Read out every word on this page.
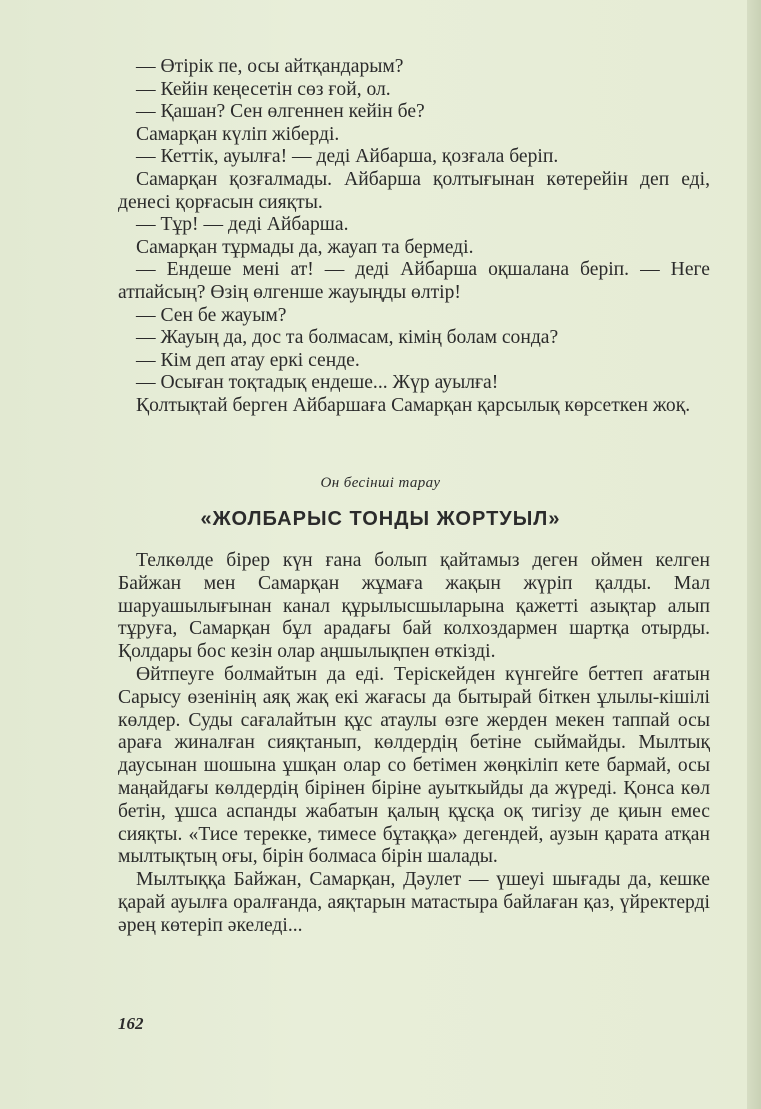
— Өтірік пе, осы айтқандарым?

— Кейін кеңесетін сөз ғой, ол.

— Қашан? Сен өлгеннен кейін бе?

Самарқан күліп жіберді.

— Кеттік, ауылға! — деді Айбарша, қозғала беріп.

Самарқан қозғалмады. Айбарша қолтығынан көтерейін деп еді, денесі қорғасын сияқты.

— Тұр! — деді Айбарша.

Самарқан тұрмады да, жауап та бермеді.

— Ендеше мені ат! — деді Айбарша оқшалана беріп. — Неге атпайсың? Өзің өлгенше жауыңды өлтір!

— Сен бе жауым?

— Жауың да, дос та болмасам, кімің болам сонда?

— Кім деп атау еркі сенде.

— Осыған тоқтадық ендеше... Жүр ауылға!

Қолтықтай берген Айбаршаға Самарқан қарсылық көрсеткен жоқ.

Он бесінші тарау
«ЖОЛБАРЫС ТОНДЫ ЖОРТУЫЛ»

Телкөлде бірер күн ғана болып қайтамыз деген оймен келген Байжан мен Самарқан жұмаға жақын жүріп қалды. Мал шаруашылығынан канал құрылысшыларына қажетті азықтар алып тұруға, Самарқан бұл арадағы бай колхоздармен шартқа отырды. Қолдары бос кезін олар аңшылықпен өткізді.

Өйтпеуге болмайтын да еді. Терiскейден күнгейге беттеп ағатын Сарысу өзенінің аяқ жақ екі жағасы да бытырай біткен ұлылы-кішілі көлдер. Суды сағалайтын құс атаулы өзге жерден мекен таппай осы араға жиналған сияқтанып, көлдердің бетіне сыймайды. Мылтық даусынан шошына ұшқан олар со бетімен жөңкіліп кете бармай, осы маңайдағы көлдердің бірінен біріне ауыткыйды да жүреді. Қонса көл бетін, ұшса аспанды жабатын қалың құсқа оқ тигізу де қиын емес сияқты. «Тисе терекке, тимесе бұтаққа» дегендей, аузын қарата атқан мылтықтың оғы, бірін болмаса бірін шалады.

Мылтыққа Байжан, Самарқан, Дәулет — үшеуі шығады да, кешке қарай ауылға оралғанда, аяқтарын матастыра байлаған қаз, үйректерді әрең көтеріп әкеледі...

162
